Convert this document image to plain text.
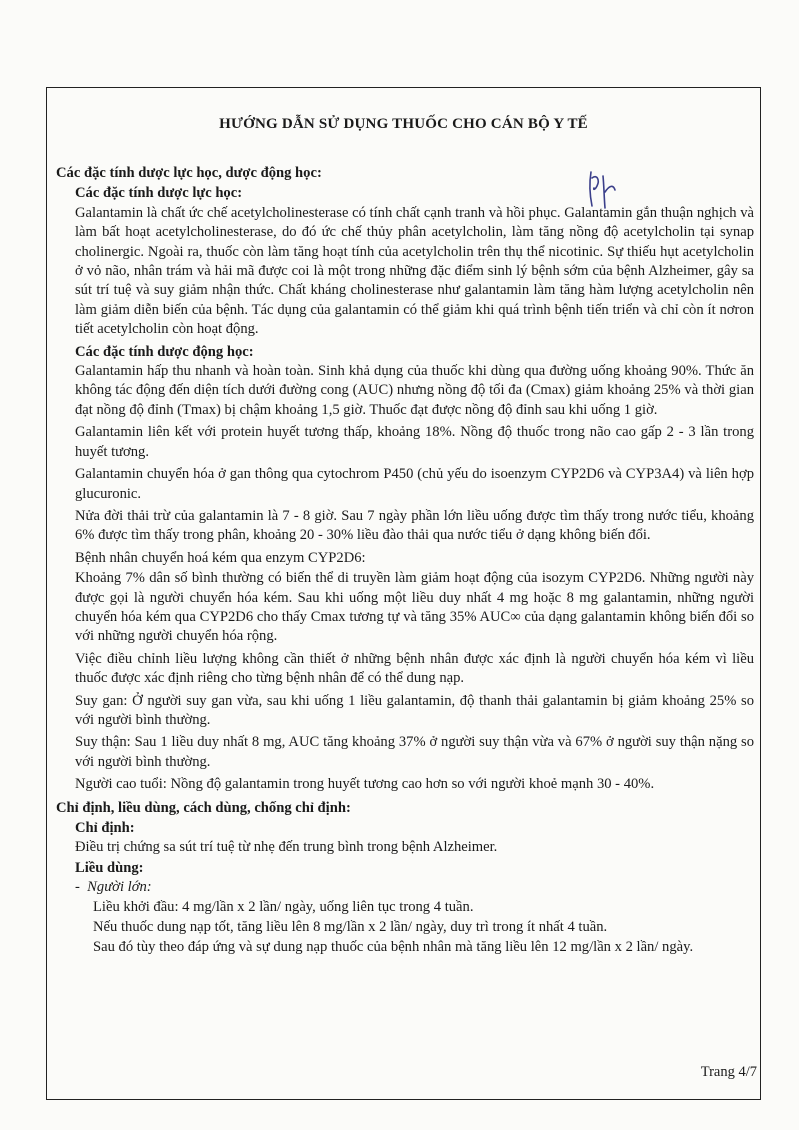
HƯỚNG DẪN SỬ DỤNG THUỐC CHO CÁN BỘ Y TẾ
Các đặc tính dược lực học, dược động học:
Các đặc tính dược lực học:
Galantamin là chất ức chế acetylcholinesterase có tính chất cạnh tranh và hồi phục. Galantamin gắn thuận nghịch và làm bất hoạt acetylcholinesterase, do đó ức chế thủy phân acetylcholin, làm tăng nồng độ acetylcholin tại synap cholinergic. Ngoài ra, thuốc còn làm tăng hoạt tính của acetylcholin trên thụ thể nicotinic. Sự thiếu hụt acetylcholin ở vỏ não, nhân trám và hải mã được coi là một trong những đặc điểm sinh lý bệnh sớm của bệnh Alzheimer, gây sa sút trí tuệ và suy giảm nhận thức. Chất kháng cholinesterase như galantamin làm tăng hàm lượng acetylcholin nên làm giảm diễn biến của bệnh. Tác dụng của galantamin có thể giảm khi quá trình bệnh tiến triển và chỉ còn ít nơron tiết acetylcholin còn hoạt động.
Các đặc tính dược động học:
Galantamin hấp thu nhanh và hoàn toàn. Sinh khả dụng của thuốc khi dùng qua đường uống khoảng 90%. Thức ăn không tác động đến diện tích dưới đường cong (AUC) nhưng nồng độ tối đa (Cmax) giảm khoảng 25% và thời gian đạt nồng độ đỉnh (Tmax) bị chậm khoảng 1,5 giờ. Thuốc đạt được nồng độ đỉnh sau khi uống 1 giờ.
Galantamin liên kết với protein huyết tương thấp, khoảng 18%. Nồng độ thuốc trong não cao gấp 2 - 3 lần trong huyết tương.
Galantamin chuyển hóa ở gan thông qua cytochrom P450 (chủ yếu do isoenzym CYP2D6 và CYP3A4) và liên hợp glucuronic.
Nửa đời thải trừ của galantamin là 7 - 8 giờ. Sau 7 ngày phần lớn liều uống được tìm thấy trong nước tiểu, khoảng 6% được tìm thấy trong phân, khoảng 20 - 30% liều đào thải qua nước tiểu ở dạng không biến đổi.
Bệnh nhân chuyển hoá kém qua enzym CYP2D6:
Khoảng 7% dân số bình thường có biến thể di truyền làm giảm hoạt động của isozym CYP2D6. Những người này được gọi là người chuyển hóa kém. Sau khi uống một liều duy nhất 4 mg hoặc 8 mg galantamin, những người chuyển hóa kém qua CYP2D6 cho thấy Cmax tương tự và tăng 35% AUC∞ của dạng galantamin không biến đổi so với những người chuyển hóa rộng.
Việc điều chỉnh liều lượng không cần thiết ở những bệnh nhân được xác định là người chuyển hóa kém vì liều thuốc được xác định riêng cho từng bệnh nhân để có thể dung nạp.
Suy gan: Ở người suy gan vừa, sau khi uống 1 liều galantamin, độ thanh thải galantamin bị giảm khoảng 25% so với người bình thường.
Suy thận: Sau 1 liều duy nhất 8 mg, AUC tăng khoảng 37% ở người suy thận vừa và 67% ở người suy thận nặng so với người bình thường.
Người cao tuổi: Nồng độ galantamin trong huyết tương cao hơn so với người khoẻ mạnh 30 - 40%.
Chỉ định, liều dùng, cách dùng, chống chỉ định:
Chỉ định:
Điều trị chứng sa sút trí tuệ từ nhẹ đến trung bình trong bệnh Alzheimer.
Liều dùng:
- Người lớn:
Liều khởi đầu: 4 mg/lần x 2 lần/ ngày, uống liên tục trong 4 tuần.
Nếu thuốc dung nạp tốt, tăng liều lên 8 mg/lần x 2 lần/ ngày, duy trì trong ít nhất 4 tuần.
Sau đó tùy theo đáp ứng và sự dung nạp thuốc của bệnh nhân mà tăng liều lên 12 mg/lần x 2 lần/ ngày.
Trang 4/7
